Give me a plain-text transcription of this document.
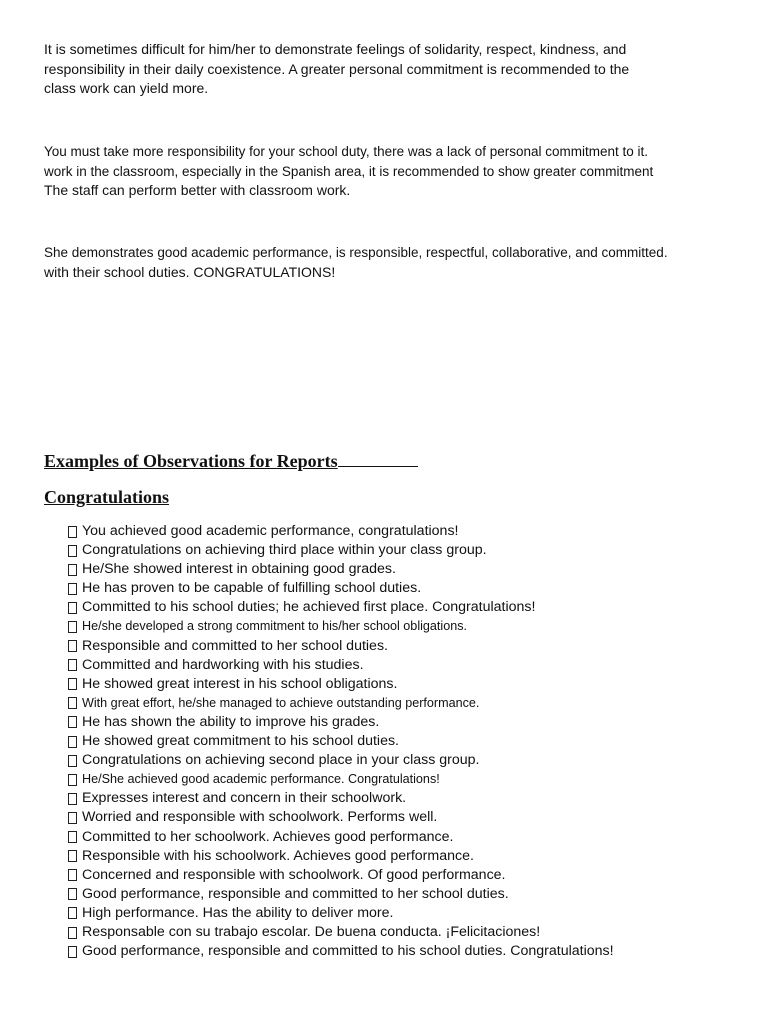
It is sometimes difficult for him/her to demonstrate feelings of solidarity, respect, kindness, and
responsibility in their daily coexistence. A greater personal commitment is recommended to the
class work can yield more.

You must take more responsibility for your school duty, there was a lack of personal commitment to it.
work in the classroom, especially in the Spanish area, it is recommended to show greater commitment
The staff can perform better with classroom work.

She demonstrates good academic performance, is responsible, respectful, collaborative, and committed.
with their school duties. CONGRATULATIONS!

Examples of Observations for Reports
Congratulations
You achieved good academic performance, congratulations!
Congratulations on achieving third place within your class group.
He/She showed interest in obtaining good grades.
He has proven to be capable of fulfilling school duties.
Committed to his school duties; he achieved first place. Congratulations!
He/she developed a strong commitment to his/her school obligations.
Responsible and committed to her school duties.
Committed and hardworking with his studies.
He showed great interest in his school obligations.
With great effort, he/she managed to achieve outstanding performance.
He has shown the ability to improve his grades.
He showed great commitment to his school duties.
Congratulations on achieving second place in your class group.
He/She achieved good academic performance. Congratulations!
Expresses interest and concern in their schoolwork.
Worried and responsible with schoolwork. Performs well.
Committed to her schoolwork. Achieves good performance.
Responsible with his schoolwork. Achieves good performance.
Concerned and responsible with schoolwork. Of good performance.
Good performance, responsible and committed to her school duties.
High performance. Has the ability to deliver more.
Responsable con su trabajo escolar. De buena conducta. ¡Felicitaciones!
Good performance, responsible and committed to his school duties. Congratulations!
